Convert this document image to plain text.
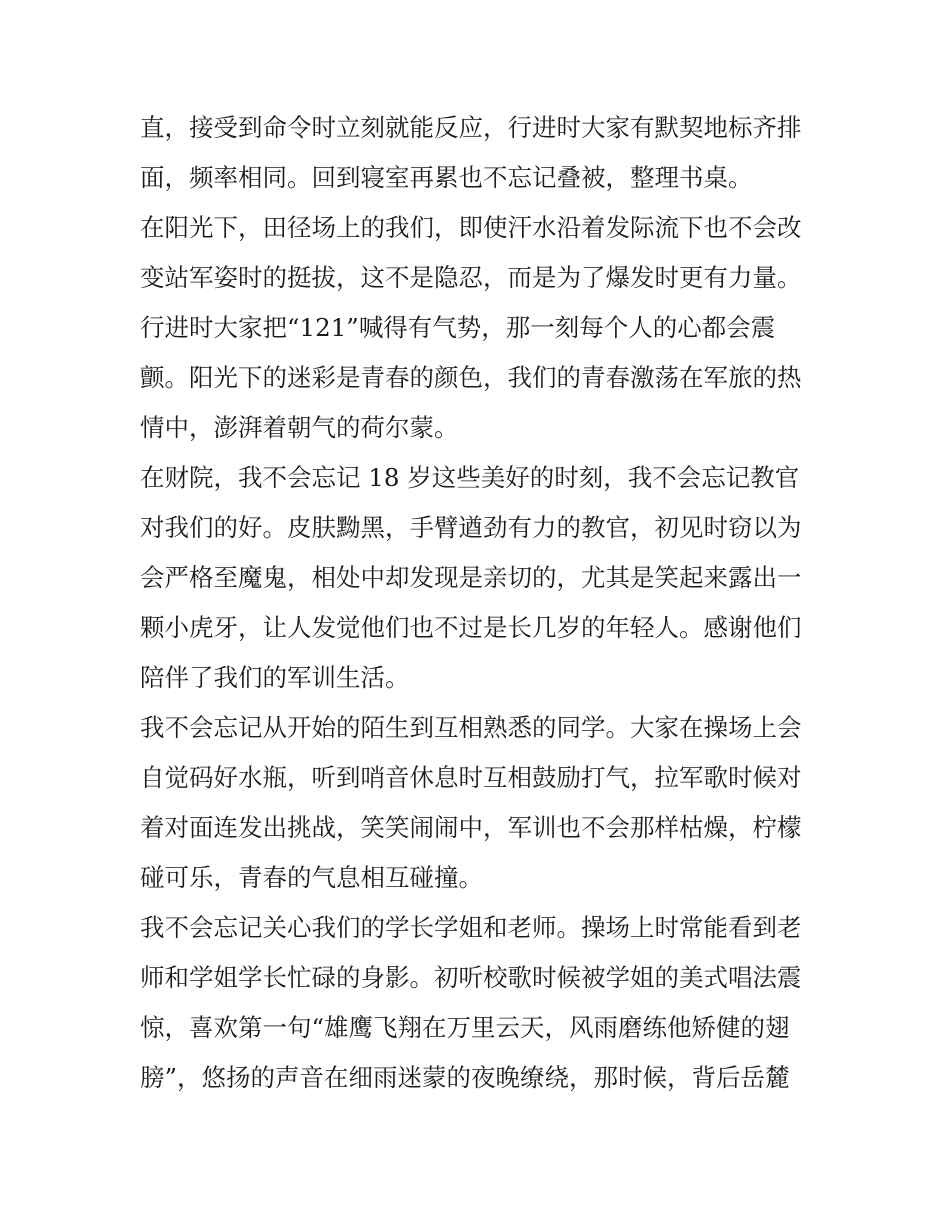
直，接受到命令时立刻就能反应，行进时大家有默契地标齐排
面，频率相同。回到寝室再累也不忘记叠被，整理书桌。
在阳光下，田径场上的我们，即使汗水沿着发际流下也不会改
变站军姿时的挺拔，这不是隐忍，而是为了爆发时更有力量。
行进时大家把“121”喊得有气势，那一刻每个人的心都会震
颤。阳光下的迷彩是青春的颜色，我们的青春激荡在军旅的热
情中，澎湃着朝气的荷尔蒙。
在财院，我不会忘记 18 岁这些美好的时刻，我不会忘记教官
对我们的好。皮肤黝黑，手臂遒劲有力的教官，初见时窃以为
会严格至魔鬼，相处中却发现是亲切的，尤其是笑起来露出一
颗小虎牙，让人发觉他们也不过是长几岁的年轻人。感谢他们
陪伴了我们的军训生活。
我不会忘记从开始的陌生到互相熟悉的同学。大家在操场上会
自觉码好水瓶，听到哨音休息时互相鼓励打气，拉军歌时候对
着对面连发出挑战，笑笑闹闹中，军训也不会那样枯燥，柠檬
碰可乐，青春的气息相互碰撞。
我不会忘记关心我们的学长学姐和老师。操场上时常能看到老
师和学姐学长忙碌的身影。初听校歌时候被学姐的美式唱法震
惊，喜欢第一句“雄鹰飞翔在万里云天，风雨磨练他矫健的翅
膀”，悠扬的声音在细雨迷蒙的夜晚缭绕，那时候，背后岳麓
